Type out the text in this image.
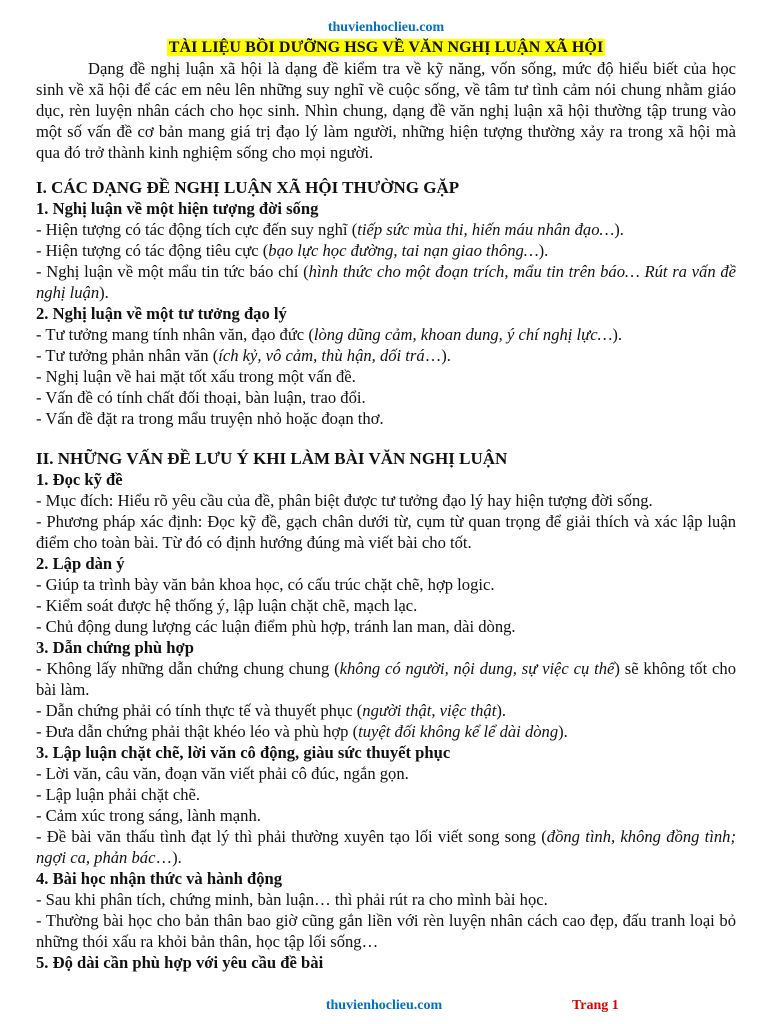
thuvienhoclieu.com
TÀI LIỆU BỒI DƯỠNG HSG VỀ VĂN NGHỊ LUẬN XÃ HỘI

Dạng đề nghị luận xã hội là dạng đề kiểm tra về kỹ năng, vốn sống, mức độ hiểu biết của học sinh về xã hội để các em nêu lên những suy nghĩ về cuộc sống, về tâm tư tình cảm nói chung nhằm giáo dục, rèn luyện nhân cách cho học sinh. Nhìn chung, dạng đề văn nghị luận xã hội thường tập trung vào một số vấn đề cơ bản mang giá trị đạo lý làm người, những hiện tượng thường xảy ra trong xã hội mà qua đó trở thành kinh nghiệm sống cho mọi người.

I. CÁC DẠNG ĐỀ NGHỊ LUẬN XÃ HỘI THƯỜNG GẶP
1. Nghị luận về một hiện tượng đời sống

- Hiện tượng có tác động tích cực đến suy nghĩ (tiếp sức mùa thi, hiến máu nhân đạo…).

- Hiện tượng có tác động tiêu cực (bạo lực học đường, tai nạn giao thông…).

- Nghị luận về một mẩu tin tức báo chí (hình thức cho một đoạn trích, mẩu tin trên báo… Rút ra vấn đề nghị luận).

2. Nghị luận về một tư tưởng đạo lý

- Tư tưởng mang tính nhân văn, đạo đức (lòng dũng cảm, khoan dung, ý chí nghị lực…).

- Tư tưởng phản nhân văn (ích kỷ, vô cảm, thù hận, dối trá…).

- Nghị luận về hai mặt tốt xấu trong một vấn đề.

- Vấn đề có tính chất đối thoại, bàn luận, trao đổi.

- Vấn đề đặt ra trong mẩu truyện nhỏ hoặc đoạn thơ.

II. NHỮNG VẤN ĐỀ LƯU Ý KHI LÀM BÀI VĂN NGHỊ LUẬN
1. Đọc kỹ đề

- Mục đích: Hiểu rõ yêu cầu của đề, phân biệt được tư tưởng đạo lý hay hiện tượng đời sống.

- Phương pháp xác định: Đọc kỹ đề, gạch chân dưới từ, cụm từ quan trọng để giải thích và xác lập luận điểm cho toàn bài. Từ đó có định hướng đúng mà viết bài cho tốt.

2. Lập dàn ý

- Giúp ta trình bày văn bản khoa học, có cấu trúc chặt chẽ, hợp logic.

- Kiểm soát được hệ thống ý, lập luận chặt chẽ, mạch lạc.

- Chủ động dung lượng các luận điểm phù hợp, tránh lan man, dài dòng.

3. Dẫn chứng phù hợp

- Không lấy những dẫn chứng chung chung (không có người, nội dung, sự việc cụ thể) sẽ không tốt cho bài làm.

- Dẫn chứng phải có tính thực tế và thuyết phục (người thật, việc thật).

- Đưa dẫn chứng phải thật khéo léo và phù hợp (tuyệt đối không kể lể dài dòng).

3. Lập luận chặt chẽ, lời văn cô động, giàu sức thuyết phục

- Lời văn, câu văn, đoạn văn viết phải cô đúc, ngắn gọn.

- Lập luận phải chặt chẽ.

- Cảm xúc trong sáng, lành mạnh.

- Đề bài văn thấu tình đạt lý thì phải thường xuyên tạo lối viết song song (đồng tình, không đồng tình; ngợi ca, phản bác…).

4. Bài học nhận thức và hành động

- Sau khi phân tích, chứng minh, bàn luận… thì phải rút ra cho mình bài học.

- Thường bài học cho bản thân bao giờ cũng gắn liền với rèn luyện nhân cách cao đẹp, đấu tranh loại bỏ những thói xấu ra khỏi bản thân, học tập lối sống…

5. Độ dài cần phù hợp với yêu cầu đề bài
thuvienhoclieu.com	Trang 1
